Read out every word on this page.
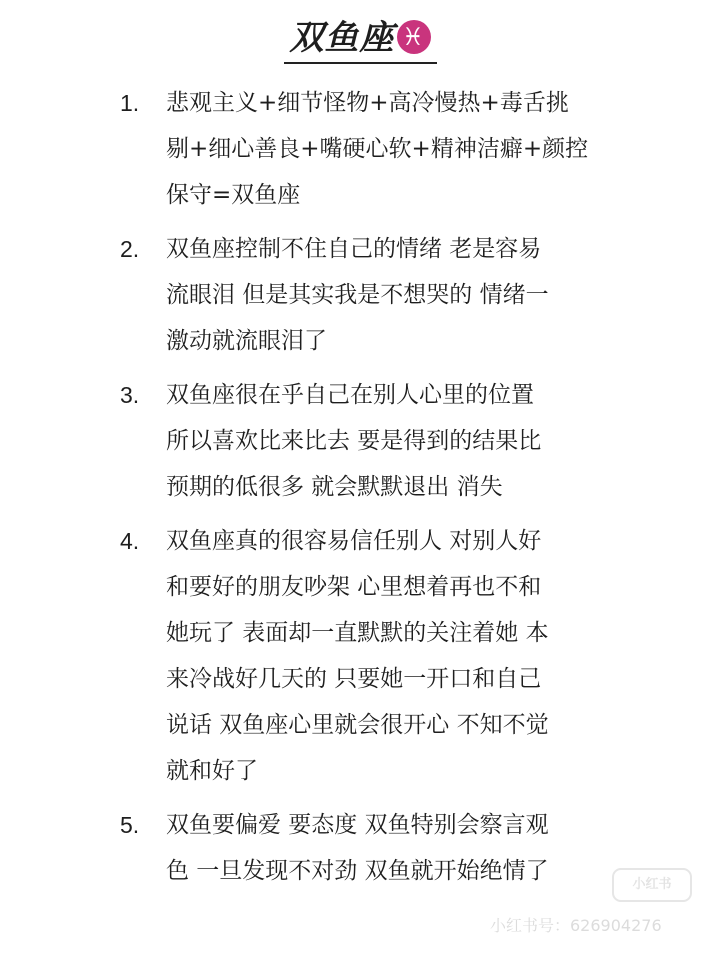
双鱼座 ♓
1. 悲观主义+细节怪物+高冷慢热+毒舌挑
剔+细心善良+嘴硬心软+精神洁癖+颜控
保守=双鱼座
2. 双鱼座控制不住自己的情绪 老是容易
流眼泪 但是其实我是不想哭的 情绪一
激动就流眼泪了
3. 双鱼座很在乎自己在别人心里的位置
所以喜欢比来比去 要是得到的结果比
预期的低很多 就会默默退出 消失
4. 双鱼座真的很容易信任别人 对别人好
和要好的朋友吵架 心里想着再也不和
她玩了 表面却一直默默的关注着她 本
来冷战好几天的 只要她一开口和自己
说话 双鱼座心里就会很开心 不知不觉
就和好了
5. 双鱼要偏爱 要态度 双鱼特别会察言观
色 一旦发现不对劲 双鱼就开始绝情了
小红书
小红书号：626904276
